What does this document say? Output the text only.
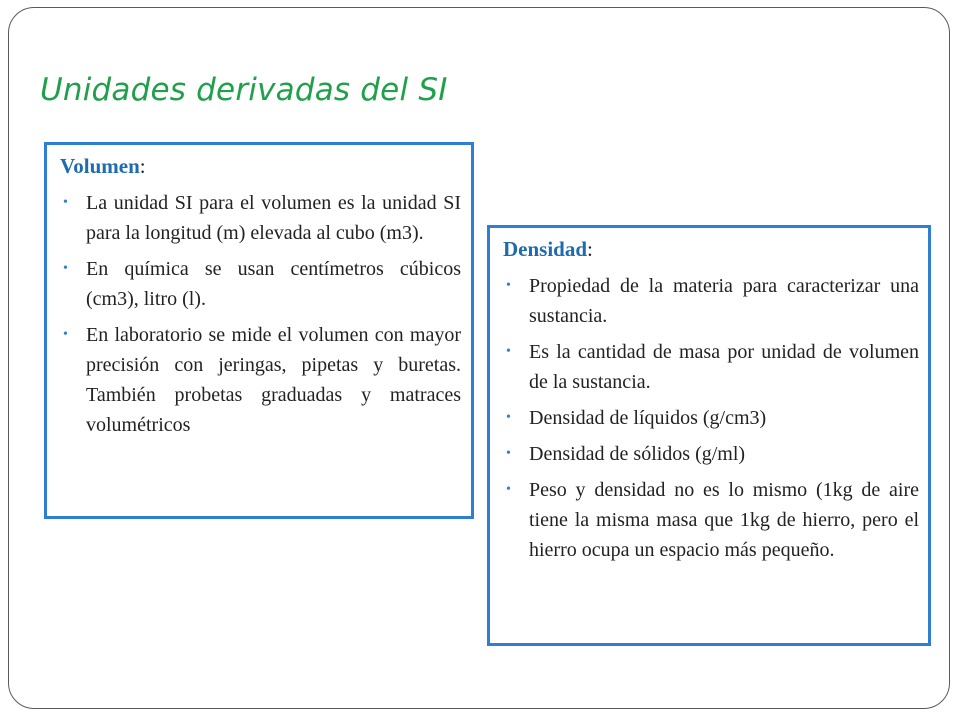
Unidades derivadas del SI

Volumen:

• La unidad SI para el volumen es la unidad SI para la longitud (m) elevada al cubo (m3).
• En química se usan centímetros cúbicos (cm3), litro (l).
• En laboratorio se mide el volumen con mayor precisión con jeringas, pipetas y buretas. También probetas graduadas y matraces volumétricos

Densidad:

• Propiedad de la materia para caracterizar una sustancia.
• Es la cantidad de masa por unidad de volumen de la sustancia.
• Densidad de líquidos (g/cm3)
• Densidad de sólidos (g/ml)
• Peso y densidad no es lo mismo (1kg de aire tiene la misma masa que 1kg de hierro, pero el hierro ocupa un espacio más pequeño.
